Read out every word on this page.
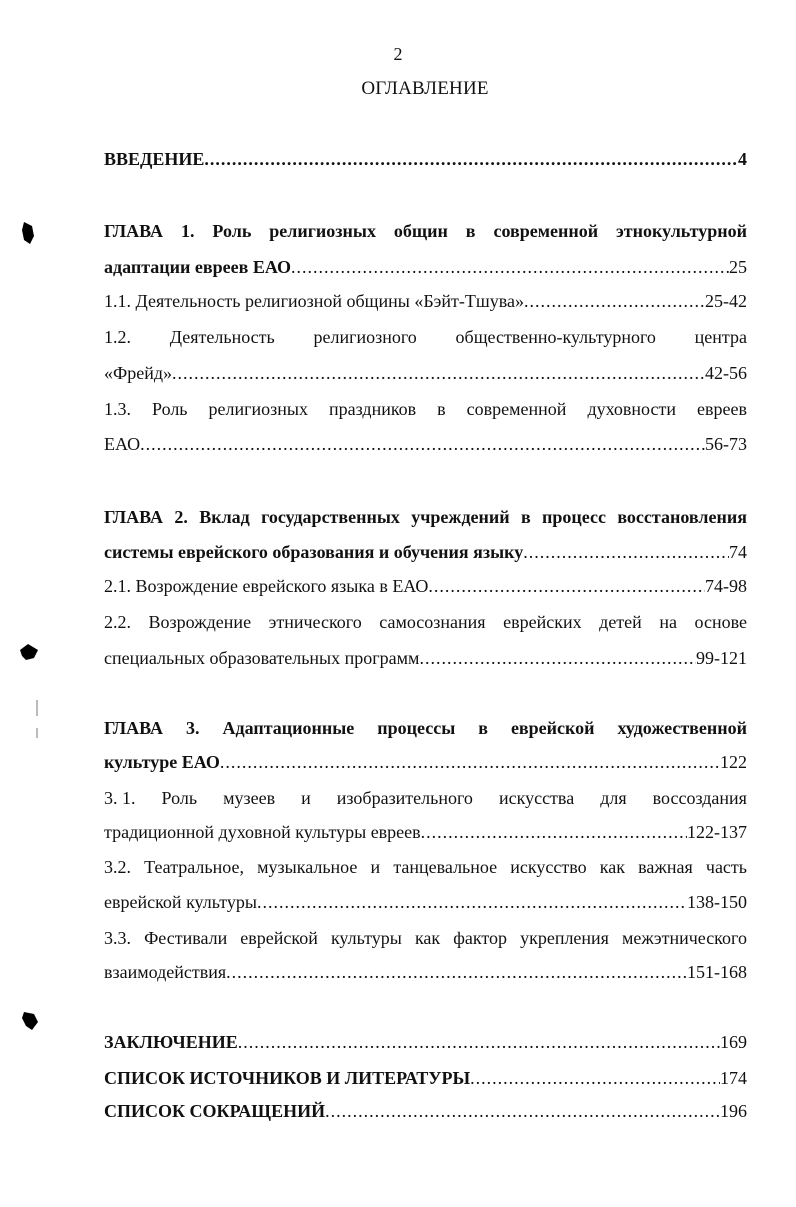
2
ОГЛАВЛЕНИЕ
ВВЕДЕНИЕ .....	4
ГЛАВА 1. Роль религиозных общин в современной этнокультурной
адаптации евреев ЕАО .....	25
1.1. Деятельность религиозной общины «Бэйт-Тшува» .....	25-42
1.2. Деятельность религиозного общественно-культурного центра
«Фрейд» .....	42-56
1.3. Роль религиозных праздников в современной духовности евреев
ЕАО .....	56-73
ГЛАВА 2. Вклад государственных учреждений в процесс восстановления
системы еврейского образования и обучения языку .....	74
2.1. Возрождение еврейского языка в ЕАО .....	74-98
2.2. Возрождение этнического самосознания еврейских детей на основе
специальных образовательных программ .....	99-121
ГЛАВА 3. Адаптационные процессы в еврейской художественной
культуре ЕАО .....	122
3. 1. Роль музеев и изобразительного искусства для воссоздания
традиционной духовной культуры евреев .....	122-137
3.2. Театральное, музыкальное и танцевальное искусство как важная часть
еврейской культуры .....	138-150
3.3. Фестивали еврейской культуры как фактор укрепления межэтнического
взаимодействия .....	151-168
ЗАКЛЮЧЕНИЕ .....	169
СПИСОК ИСТОЧНИКОВ И ЛИТЕРАТУРЫ .....	174
СПИСОК СОКРАЩЕНИЙ .....	196
